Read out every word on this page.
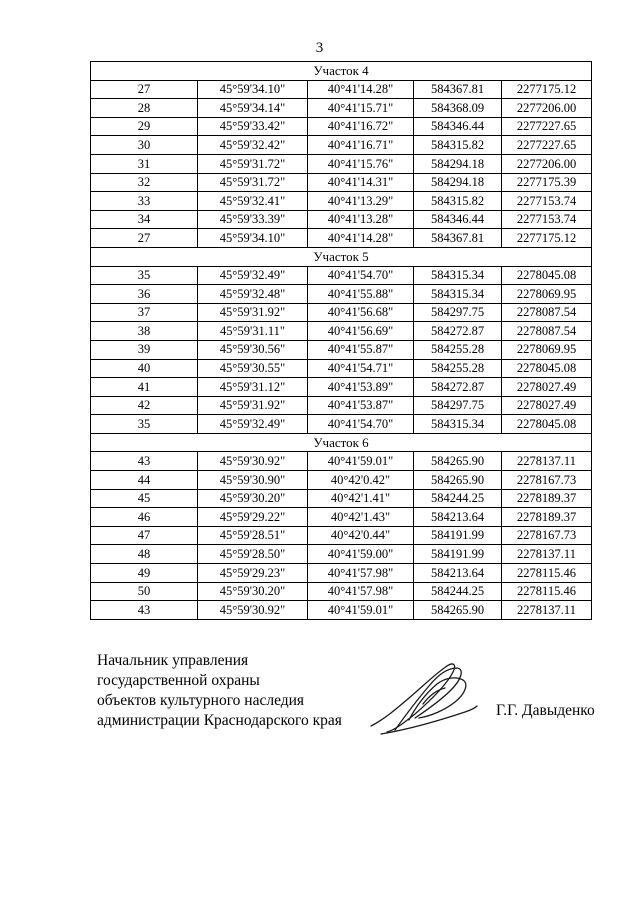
3
Участок 4				
27	45°59'34.10"	40°41'14.28"	584367.81	2277175.12
28	45°59'34.14"	40°41'15.71"	584368.09	2277206.00
29	45°59'33.42"	40°41'16.72"	584346.44	2277227.65
30	45°59'32.42"	40°41'16.71"	584315.82	2277227.65
31	45°59'31.72"	40°41'15.76"	584294.18	2277206.00
32	45°59'31.72"	40°41'14.31"	584294.18	2277175.39
33	45°59'32.41"	40°41'13.29"	584315.82	2277153.74
34	45°59'33.39"	40°41'13.28"	584346.44	2277153.74
27	45°59'34.10"	40°41'14.28"	584367.81	2277175.12
Участок 5				
35	45°59'32.49"	40°41'54.70"	584315.34	2278045.08
36	45°59'32.48"	40°41'55.88"	584315.34	2278069.95
37	45°59'31.92"	40°41'56.68"	584297.75	2278087.54
38	45°59'31.11"	40°41'56.69"	584272.87	2278087.54
39	45°59'30.56"	40°41'55.87"	584255.28	2278069.95
40	45°59'30.55"	40°41'54.71"	584255.28	2278045.08
41	45°59'31.12"	40°41'53.89"	584272.87	2278027.49
42	45°59'31.92"	40°41'53.87"	584297.75	2278027.49
35	45°59'32.49"	40°41'54.70"	584315.34	2278045.08
Участок 6				
43	45°59'30.92"	40°41'59.01"	584265.90	2278137.11
44	45°59'30.90"	40°42'0.42"	584265.90	2278167.73
45	45°59'30.20"	40°42'1.41"	584244.25	2278189.37
46	45°59'29.22"	40°42'1.43"	584213.64	2278189.37
47	45°59'28.51"	40°42'0.44"	584191.99	2278167.73
48	45°59'28.50"	40°41'59.00"	584191.99	2278137.11
49	45°59'29.23"	40°41'57.98"	584213.64	2278115.46
50	45°59'30.20"	40°41'57.98"	584244.25	2278115.46
43	45°59'30.92"	40°41'59.01"	584265.90	2278137.11
Начальник управления
государственной охраны
объектов культурного наследия
администрации Краснодарского края
Г.Г. Давыденко
